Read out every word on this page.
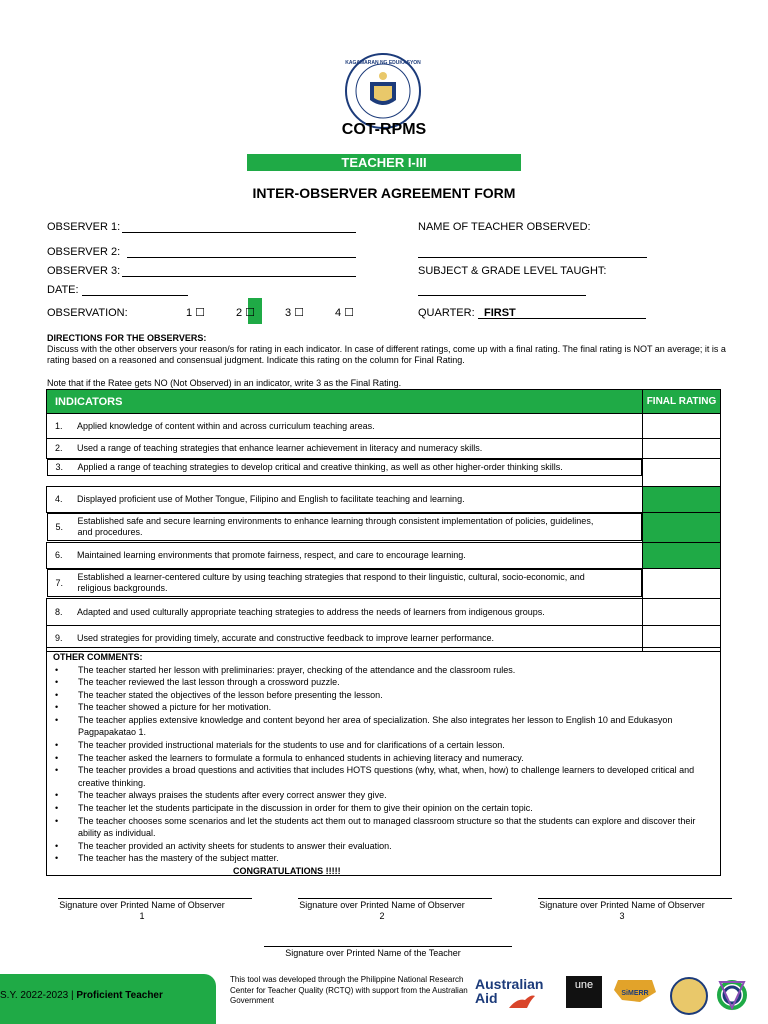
KAGAWARAN NG EDUKASYON
COT-RPMS
TEACHER I-III
INTER-OBSERVER AGREEMENT FORM
OBSERVER 1:
OBSERVER 2:
OBSERVER 3:
DATE:
OBSERVATION:	1 ☐	2 ☐	3 ☐	4 ☐
NAME OF TEACHER OBSERVED:
SUBJECT & GRADE LEVEL TAUGHT:
QUARTER: FIRST
DIRECTIONS FOR THE OBSERVERS:
Discuss with the other observers your reason/s for rating in each indicator. In case of different ratings, come up with a final rating. The final rating is NOT an average; it is a rating based on a reasoned and consensual judgment. Indicate this rating on the column for Final Rating.
Note that if the Ratee gets NO (Not Observed) in an indicator, write 3 as the Final Rating.
INDICATORS	FINAL RATING
1. Applied knowledge of content within and across curriculum teaching areas.	
2. Used a range of teaching strategies that enhance learner achievement in literacy and numeracy skills.	

3.	Applied a range of teaching strategies to develop critical and creative thinking, as well as other higher-order thinking skills.

4. Displayed proficient use of Mother Tongue, Filipino and English to facilitate teaching and learning.	

5.
Established safe and secure learning environments to enhance learning through consistent implementation of policies, guidelines, and procedures.

6. Maintained learning environments that promote fairness, respect, and care to encourage learning.	

7.
Established a learner-centered culture by using teaching strategies that respond to their linguistic, cultural, socio-economic, and religious backgrounds.

8. Adapted and used culturally appropriate teaching strategies to address the needs of learners from indigenous groups.	
9. Used strategies for providing timely, accurate and constructive feedback to improve learner performance.	
OTHER COMMENTS:
• The teacher started her lesson with preliminaries: prayer, checking of the attendance and the classroom rules.
• The teacher reviewed the last lesson through a crossword puzzle.
• The teacher stated the objectives of the lesson before presenting the lesson.
• The teacher showed a picture for her motivation.
• The teacher applies extensive knowledge and content beyond her area of specialization. She also integrates her lesson to English 10 and Edukasyon Pagpapakatao 1.
• The teacher provided instructional materials for the students to use and for clarifications of a certain lesson.
• The teacher asked the learners to formulate a formula to enhanced students in achieving literacy and numeracy.
• The teacher provides a broad questions and activities that includes HOTS questions (why, what, when, how) to challenge learners to developed critical and creative thinking.
• The teacher always praises the students after every correct answer they give.
• The teacher let the students participate in the discussion in order for them to give their opinion on the certain topic.
• The teacher chooses some scenarios and let the students act them out to managed classroom structure so that the students can explore and discover their ability as individual.
• The teacher provided an activity sheets for students to answer their evaluation.
• The teacher has the mastery of the subject matter.
CONGRATULATIONS !!!!!
Signature over Printed Name of Observer 1
Signature over Printed Name of Observer 2
Signature over Printed Name of Observer 3
Signature over Printed Name of the Teacher
S.Y. 2022-2023 | Proficient Teacher
This tool was developed through the Philippine National Research Center for Teacher Quality (RCTQ) with support from the Australian Government
Australian
Aid
une
SiMERR
